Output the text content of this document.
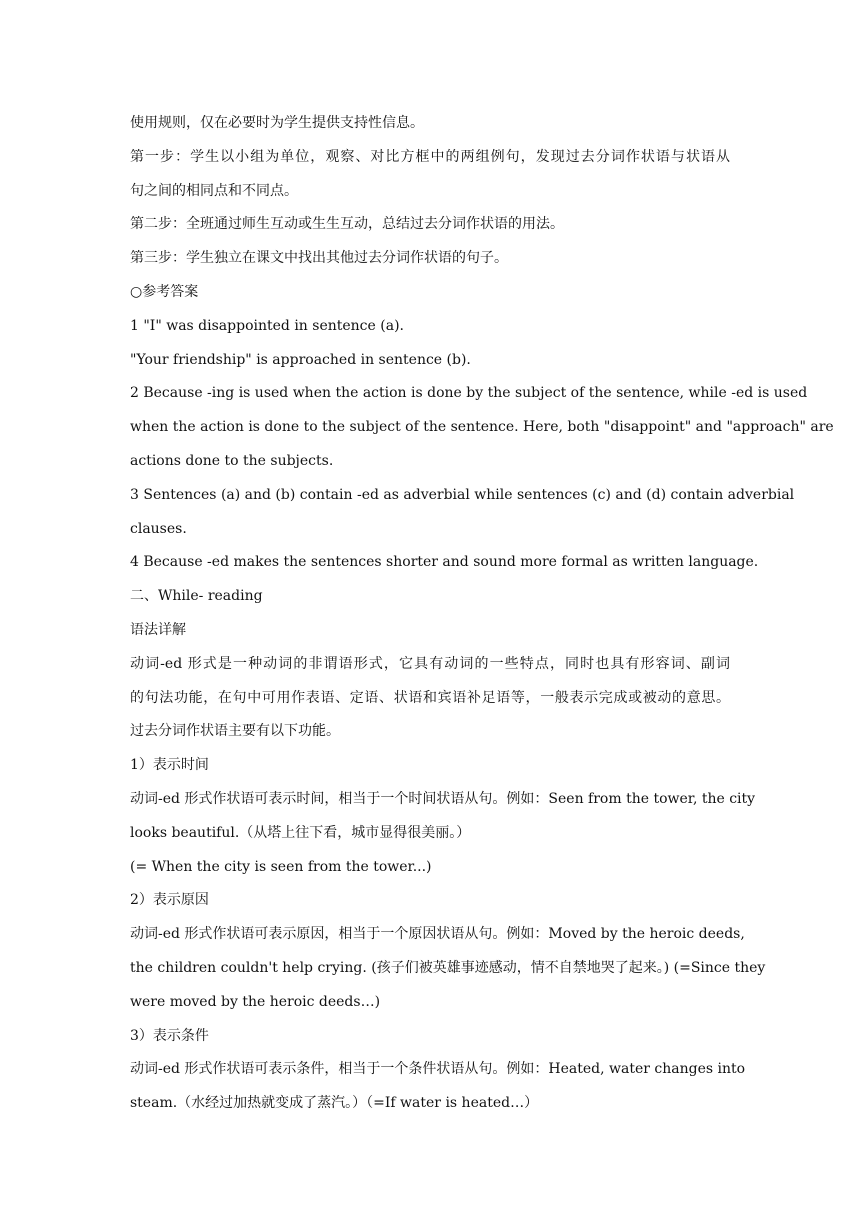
使用规则，仅在必要时为学生提供支持性信息。
第一步：学生以小组为单位，观察、对比方框中的两组例句，发现过去分词作状语与状语从
句之间的相同点和不同点。
第二步：全班通过师生互动或生生互动，总结过去分词作状语的用法。
第三步：学生独立在课文中找出其他过去分词作状语的句子。
○参考答案
1 "I" was disappointed in sentence (a).
"Your friendship" is approached in sentence (b).
2 Because -ing is used when the action is done by the subject of the sentence, while -ed is used
when the action is done to the subject of the sentence. Here, both "disappoint" and "approach" are
actions done to the subjects.
3 Sentences (a) and (b) contain -ed as adverbial while sentences (c) and (d) contain adverbial
clauses.
4 Because -ed makes the sentences shorter and sound more formal as written language.
二、While- reading
语法详解
动词-ed 形式是一种动词的非谓语形式，它具有动词的一些特点，同时也具有形容词、副词
的句法功能，在句中可用作表语、定语、状语和宾语补足语等，一般表示完成或被动的意思。
过去分词作状语主要有以下功能。
1）表示时间
动词-ed 形式作状语可表示时间，相当于一个时间状语从句。例如：Seen from the tower, the city
looks beautiful.（从塔上往下看，城市显得很美丽。）
(= When the city is seen from the tower...)
2）表示原因
动词-ed 形式作状语可表示原因，相当于一个原因状语从句。例如：Moved by the heroic deeds,
the children couldn't help crying. (孩子们被英雄事迹感动，情不自禁地哭了起来。) (=Since they
were moved by the heroic deeds…)
3）表示条件
动词-ed 形式作状语可表示条件，相当于一个条件状语从句。例如：Heated, water changes into
steam.（水经过加热就变成了蒸汽。）（=If water is heated…）
